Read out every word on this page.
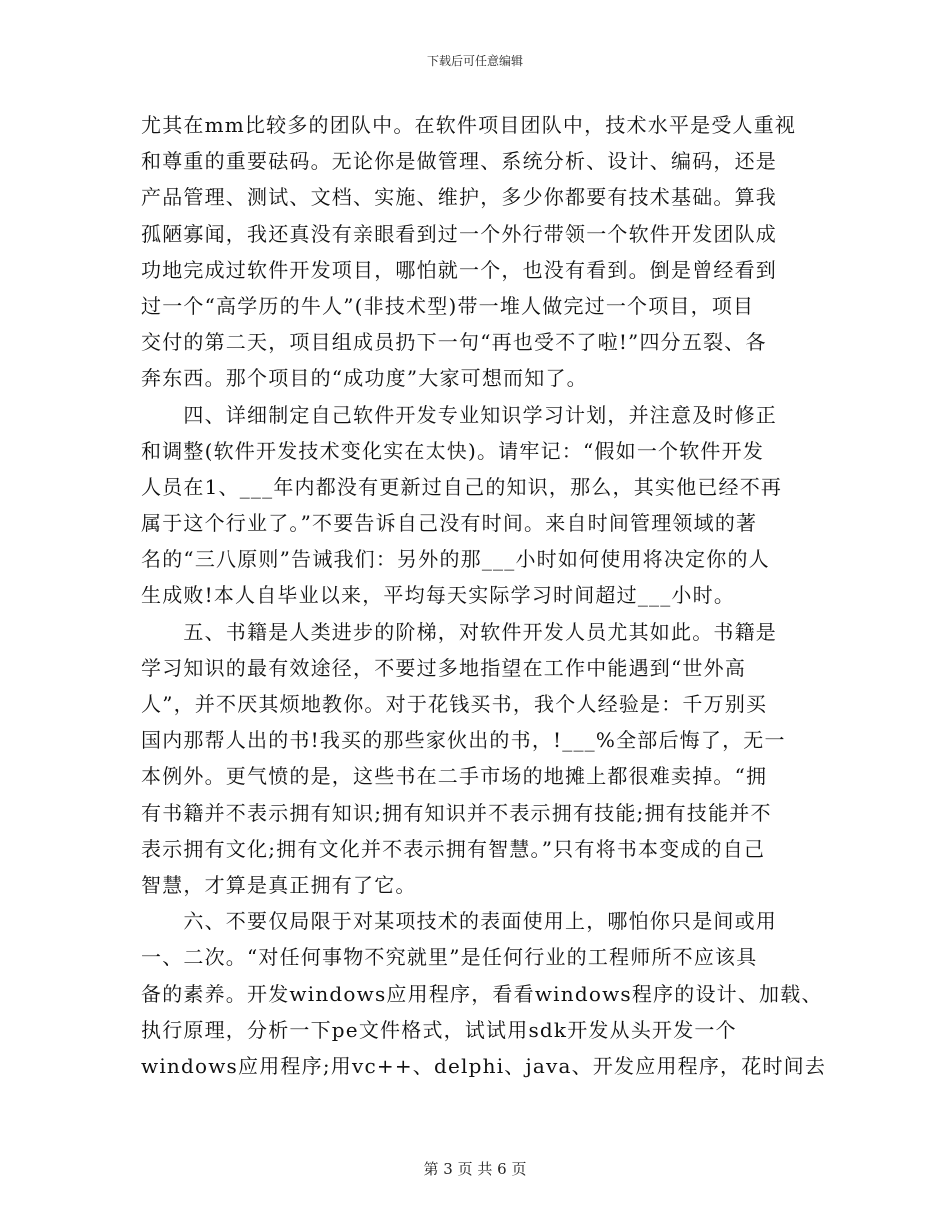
下载后可任意编辑
尤其在mm比较多的团队中。在软件项目团队中，技术水平是受人重视
和尊重的重要砝码。无论你是做管理、系统分析、设计、编码，还是
产品管理、测试、文档、实施、维护，多少你都要有技术基础。算我
孤陋寡闻，我还真没有亲眼看到过一个外行带领一个软件开发团队成
功地完成过软件开发项目，哪怕就一个，也没有看到。倒是曾经看到
过一个“高学历的牛人”(非技术型)带一堆人做完过一个项目，项目
交付的第二天，项目组成员扔下一句“再也受不了啦!”四分五裂、各
奔东西。那个项目的“成功度”大家可想而知了。
　　四、详细制定自己软件开发专业知识学习计划，并注意及时修正
和调整(软件开发技术变化实在太快)。请牢记：“假如一个软件开发
人员在1、___年内都没有更新过自己的知识，那么，其实他已经不再
属于这个行业了。”不要告诉自己没有时间。来自时间管理领域的著
名的“三八原则”告诫我们：另外的那___小时如何使用将决定你的人
生成败!本人自毕业以来，平均每天实际学习时间超过___小时。
　　五、书籍是人类进步的阶梯，对软件开发人员尤其如此。书籍是
学习知识的最有效途径，不要过多地指望在工作中能遇到“世外高
人”，并不厌其烦地教你。对于花钱买书，我个人经验是：千万别买
国内那帮人出的书!我买的那些家伙出的书，!___%全部后悔了，无一
本例外。更气愤的是，这些书在二手市场的地摊上都很难卖掉。“拥
有书籍并不表示拥有知识;拥有知识并不表示拥有技能;拥有技能并不
表示拥有文化;拥有文化并不表示拥有智慧。”只有将书本变成的自己
智慧，才算是真正拥有了它。
　　六、不要仅局限于对某项技术的表面使用上，哪怕你只是间或用
一、二次。“对任何事物不究就里”是任何行业的工程师所不应该具
备的素养。开发windows应用程序，看看windows程序的设计、加载、
执行原理，分析一下pe文件格式，试试用sdk开发从头开发一个
windows应用程序;用vc++、delphi、java、开发应用程序，花时间去
第 3 页 共 6 页
